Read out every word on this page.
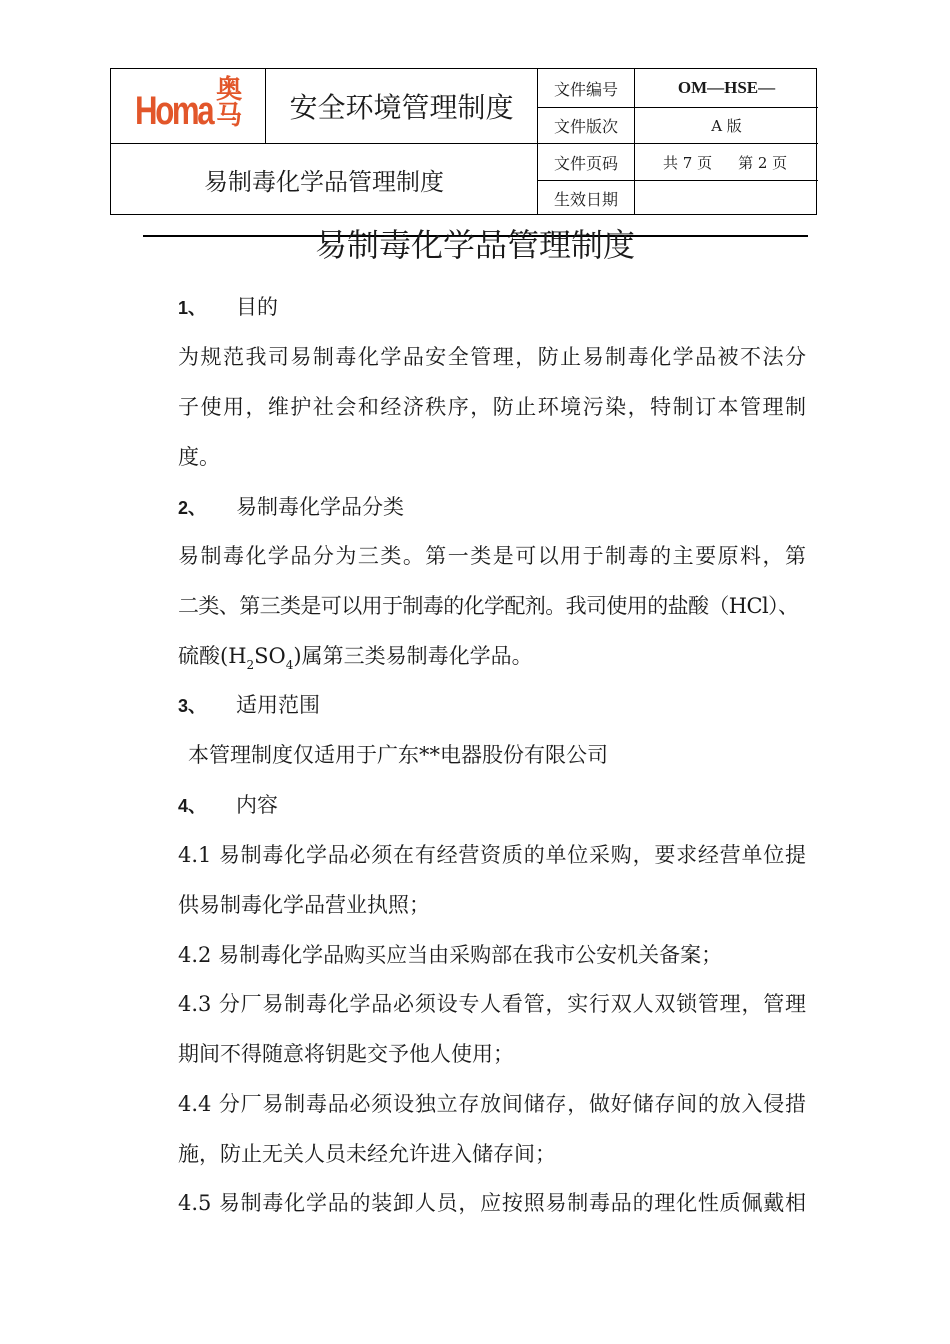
Homa 奥马	安全环境管理制度
易制毒化学品管理制度
文件编号
文件版次
文件页码
生效日期
OM—HSE—
A 版
共 7 页 第 2 页
易制毒化学品管理制度
1、 目的
为规范我司易制毒化学品安全管理，防止易制毒化学品被不法分
子使用，维护社会和经济秩序，防止环境污染，特制订本管理制
度。
2、 易制毒化学品分类
易制毒化学品分为三类。第一类是可以用于制毒的主要原料，第
二类、第三类是可以用于制毒的化学配剂。我司使用的盐酸（HCl）、
硫酸$(H_2SO_4)$属第三类易制毒化学品。
3、 适用范围
本管理制度仅适用于广东**电器股份有限公司
4、 内容
4.1 易制毒化学品必须在有经营资质的单位采购，要求经营单位提
供易制毒化学品营业执照；
4.2 易制毒化学品购买应当由采购部在我市公安机关备案；
4.3 分厂易制毒化学品必须设专人看管，实行双人双锁管理，管理
期间不得随意将钥匙交予他人使用；
4.4 分厂易制毒品必须设独立存放间储存，做好储存间的放入侵措
施，防止无关人员未经允许进入储存间；
4.5 易制毒化学品的装卸人员，应按照易制毒品的理化性质佩戴相
